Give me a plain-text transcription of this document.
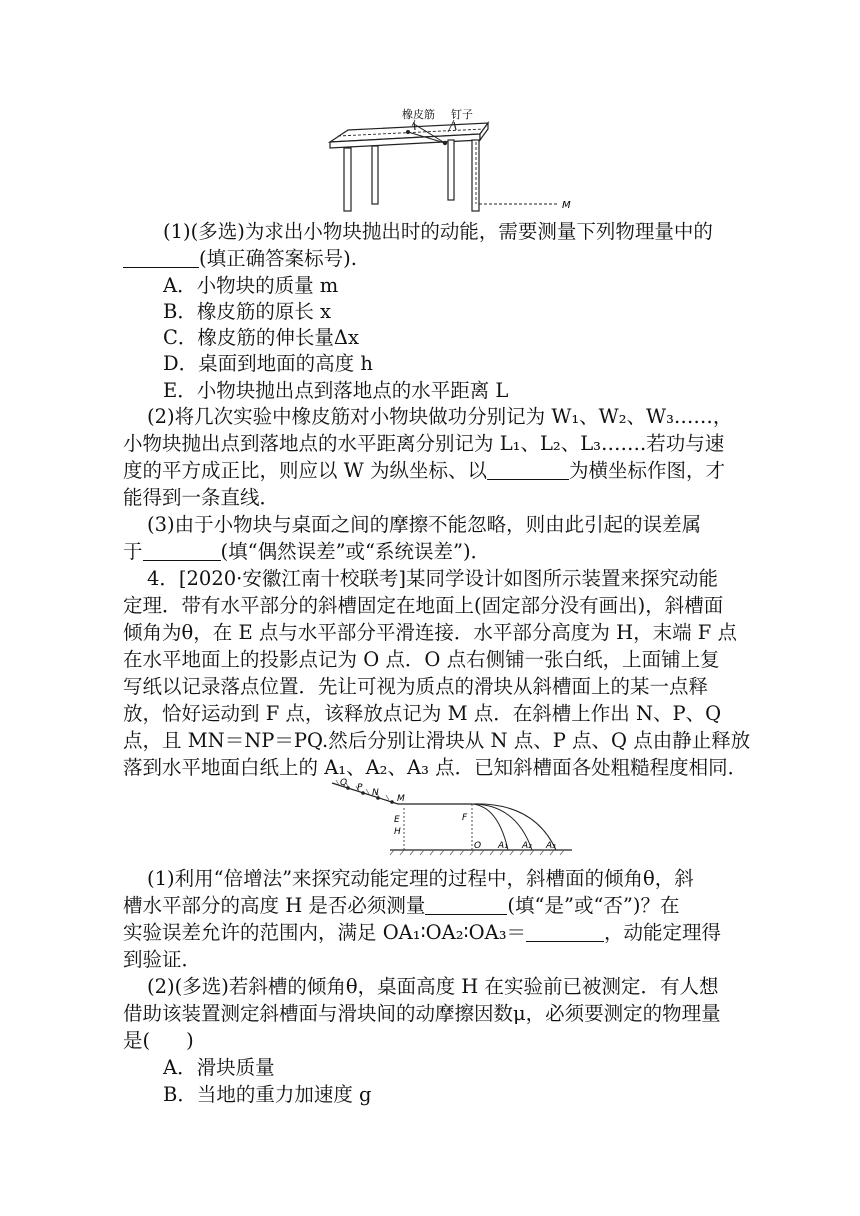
橡皮筋 钉子
M
(1)(多选)为求出小物块抛出时的动能，需要测量下列物理量中的
(填正确答案标号).
A．小物块的质量 m
B．橡皮筋的原长 x
C．橡皮筋的伸长量Δx
D．桌面到地面的高度 h
E．小物块抛出点到落地点的水平距离 L
(2)将几次实验中橡皮筋对小物块做功分别记为 W₁、W₂、W₃……，
小物块抛出点到落地点的水平距离分别记为 L₁、L₂、L₃…….若功与速
度的平方成正比，则应以 W 为纵坐标、以	为横坐标作图，才
能得到一条直线．
(3)由于小物块与桌面之间的摩擦不能忽略，则由此引起的误差属
于	(填“偶然误差”或“系统误差”)．
4．[2020·安徽江南十校联考]某同学设计如图所示装置来探究动能
定理．带有水平部分的斜槽固定在地面上(固定部分没有画出)，斜槽面
倾角为θ，在 E 点与水平部分平滑连接．水平部分高度为 H，末端 F 点
在水平地面上的投影点记为 O 点．O 点右侧铺一张白纸，上面铺上复
写纸以记录落点位置．先让可视为质点的滑块从斜槽面上的某一点释
放，恰好运动到 F 点，该释放点记为 M 点．在斜槽上作出 N、P、Q
点，且 MN＝NP＝PQ.然后分别让滑块从 N 点、P 点、Q 点由静止释放
落到水平地面白纸上的 A₁、A₂、A₃ 点．已知斜槽面各处粗糙程度相同．
Q P N
M
E
H
F
O A₁ A₂ A₃
(1)利用“倍增法”来探究动能定理的过程中，斜槽面的倾角θ，斜
槽水平部分的高度 H 是否必须测量	(填“是”或“否”)？在
实验误差允许的范围内，满足 OA₁∶OA₂∶OA₃＝	，动能定理得
到验证．
(2)(多选)若斜槽的倾角θ，桌面高度 H 在实验前已被测定．有人想
借助该装置测定斜槽面与滑块间的动摩擦因数μ，必须要测定的物理量
是( )
A．滑块质量
B．当地的重力加速度 g
